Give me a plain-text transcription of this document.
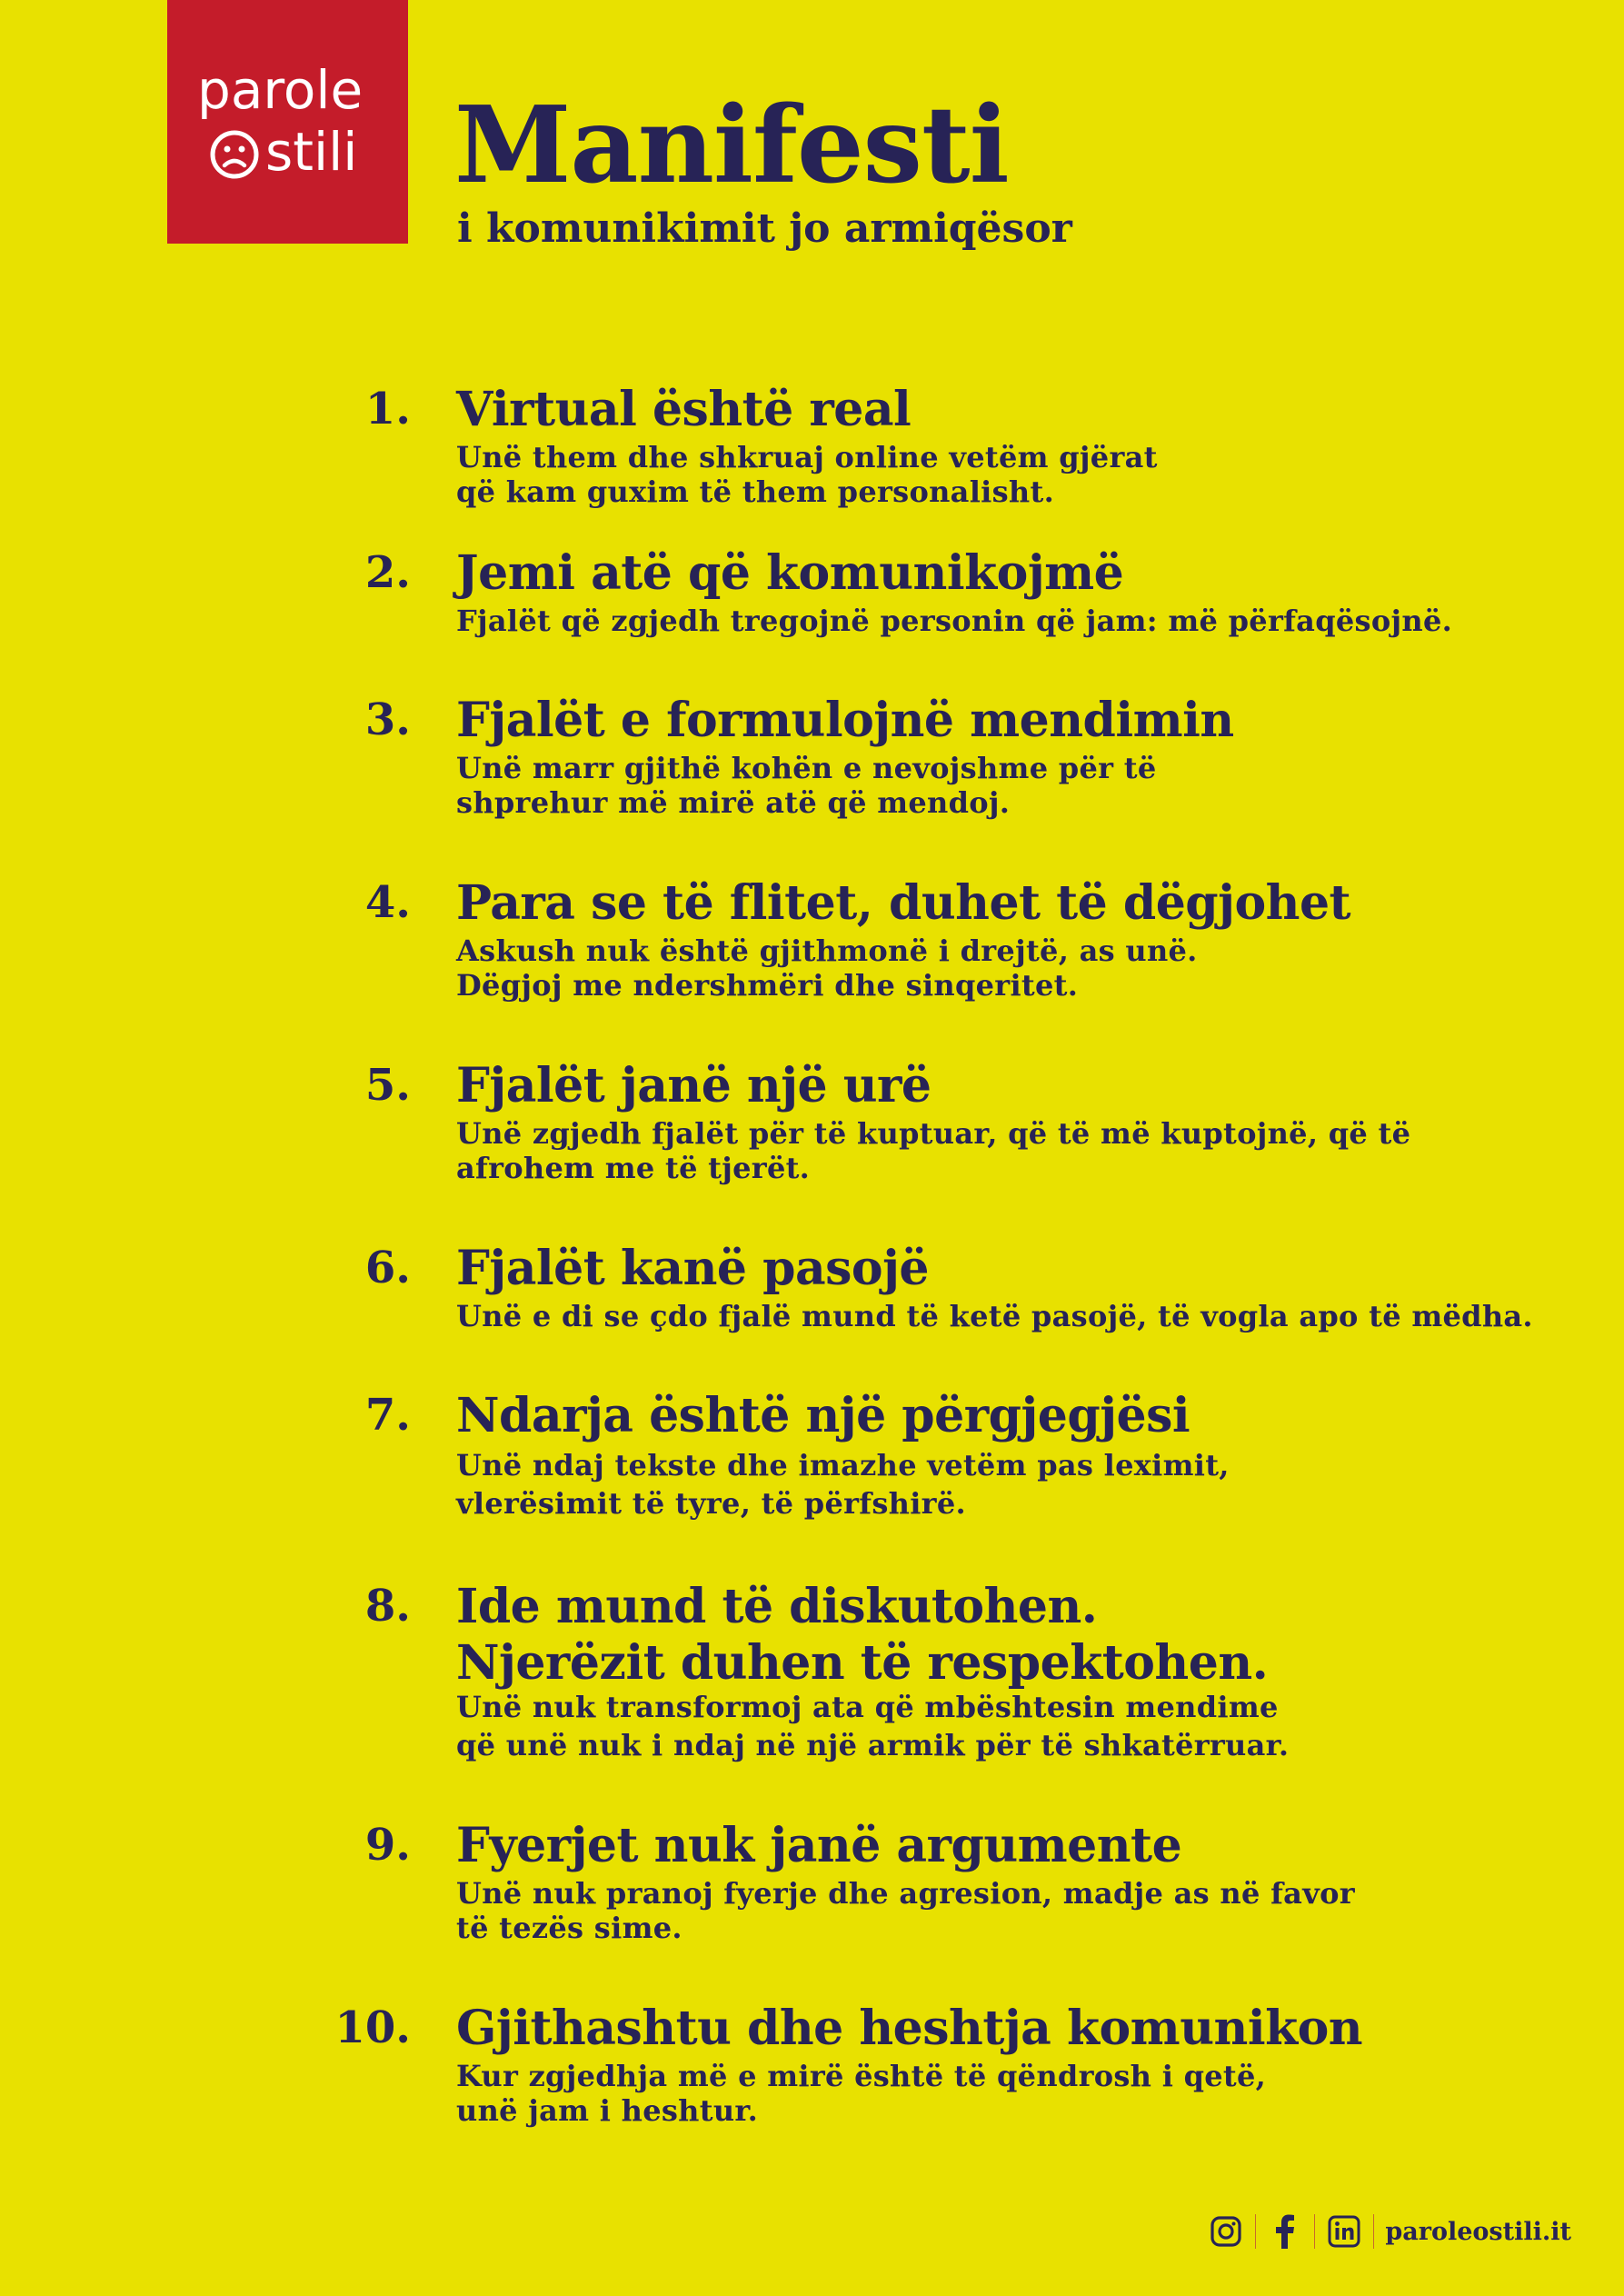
parole
stili Manifesti
i komunikimit jo armiqësor
1. Virtual është real
Unë them dhe shkruaj online vetëm gjërat
që kam guxim të them personalisht.
2. Jemi atë që komunikojmë
Fjalët që zgjedh tregojnë personin që jam: më përfaqësojnë.
3. Fjalët e formulojnë mendimin
Unë marr gjithë kohën e nevojshme për të
shprehur më mirë atë që mendoj.
4. Para se të flitet, duhet të dëgjohet
Askush nuk është gjithmonë i drejtë, as unë.
Dëgjoj me ndershmëri dhe sinqeritet.
5. Fjalët janë një urë
Unë zgjedh fjalët për të kuptuar, që të më kuptojnë, që të
afrohem me të tjerët.
6. Fjalët kanë pasojë
Unë e di se çdo fjalë mund të ketë pasojë, të vogla apo të mëdha.
7. Ndarja është një përgjegjësi
Unë ndaj tekste dhe imazhe vetëm pas leximit,
vlerësimit të tyre, të përfshirë.
8. Ide mund të diskutohen.
Njerëzit duhen të respektohen.
Unë nuk transformoj ata që mbështesin mendime
që unë nuk i ndaj në një armik për të shkatërruar.
9. Fyerjet nuk janë argumente
Unë nuk pranoj fyerje dhe agresion, madje as në favor
të tezës sime.
10. Gjithashtu dhe heshtja komunikon
Kur zgjedhja më e mirë është të qëndrosh i qetë,
unë jam i heshtur.
paroleostili.it
